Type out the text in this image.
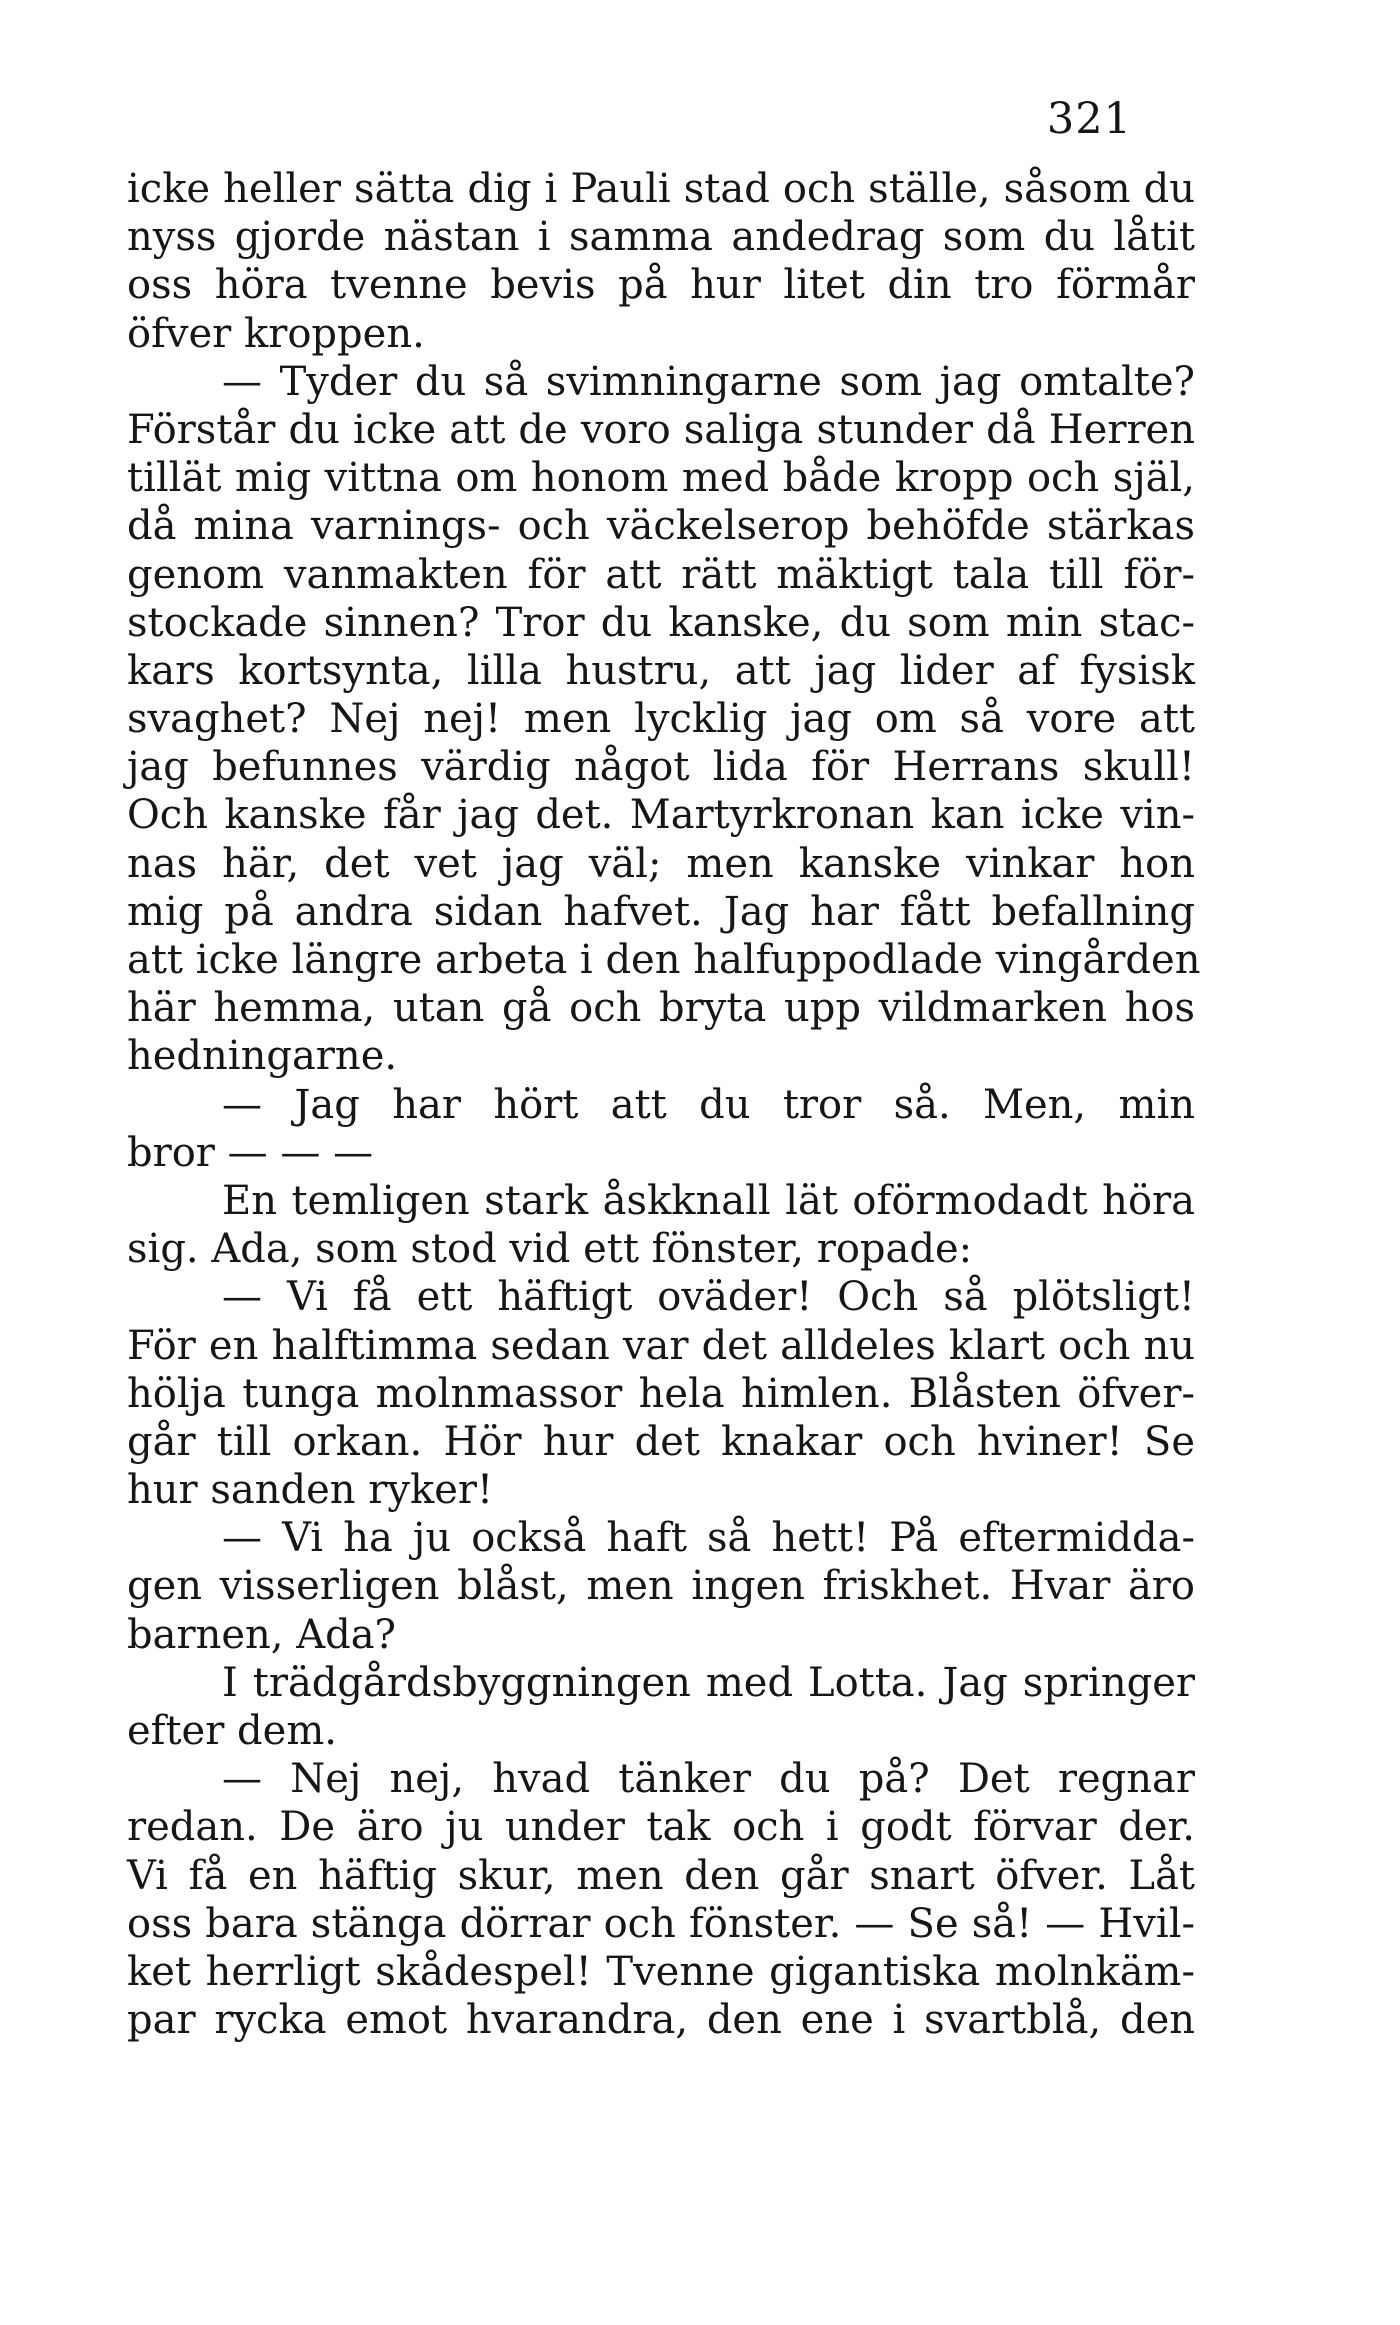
321
icke heller sätta dig i Pauli stad och ställe, såsom du
nyss gjorde nästan i samma andedrag som du låtit
oss höra tvenne bevis på hur litet din tro förmår
öfver kroppen.
— Tyder du så svimningarne som jag omtalte?
Förstår du icke att de voro saliga stunder då Herren
tillät mig vittna om honom med både kropp och själ,
då mina varnings- och väckelserop behöfde stärkas
genom vanmakten för att rätt mäktigt tala till för-
stockade sinnen? Tror du kanske, du som min stac-
kars kortsynta, lilla hustru, att jag lider af fysisk
svaghet? Nej nej! men lycklig jag om så vore att
jag befunnes värdig något lida för Herrans skull!
Och kanske får jag det. Martyrkronan kan icke vin-
nas här, det vet jag väl; men kanske vinkar hon
mig på andra sidan hafvet. Jag har fått befallning
att icke längre arbeta i den halfuppodlade vingården
här hemma, utan gå och bryta upp vildmarken hos
hedningarne.
— Jag har hört att du tror så. Men, min
bror — — —
En temligen stark åskknall lät oförmodadt höra
sig. Ada, som stod vid ett fönster, ropade:
— Vi få ett häftigt oväder! Och så plötsligt!
För en halftimma sedan var det alldeles klart och nu
hölja tunga molnmassor hela himlen. Blåsten öfver-
går till orkan. Hör hur det knakar och hviner! Se
hur sanden ryker!
— Vi ha ju också haft så hett! På eftermidda-
gen visserligen blåst, men ingen friskhet. Hvar äro
barnen, Ada?
I trädgårdsbyggningen med Lotta. Jag springer
efter dem.
— Nej nej, hvad tänker du på? Det regnar
redan. De äro ju under tak och i godt förvar der.
Vi få en häftig skur, men den går snart öfver. Låt
oss bara stänga dörrar och fönster. — Se så! — Hvil-
ket herrligt skådespel! Tvenne gigantiska molnkäm-
par rycka emot hvarandra, den ene i svartblå, den
